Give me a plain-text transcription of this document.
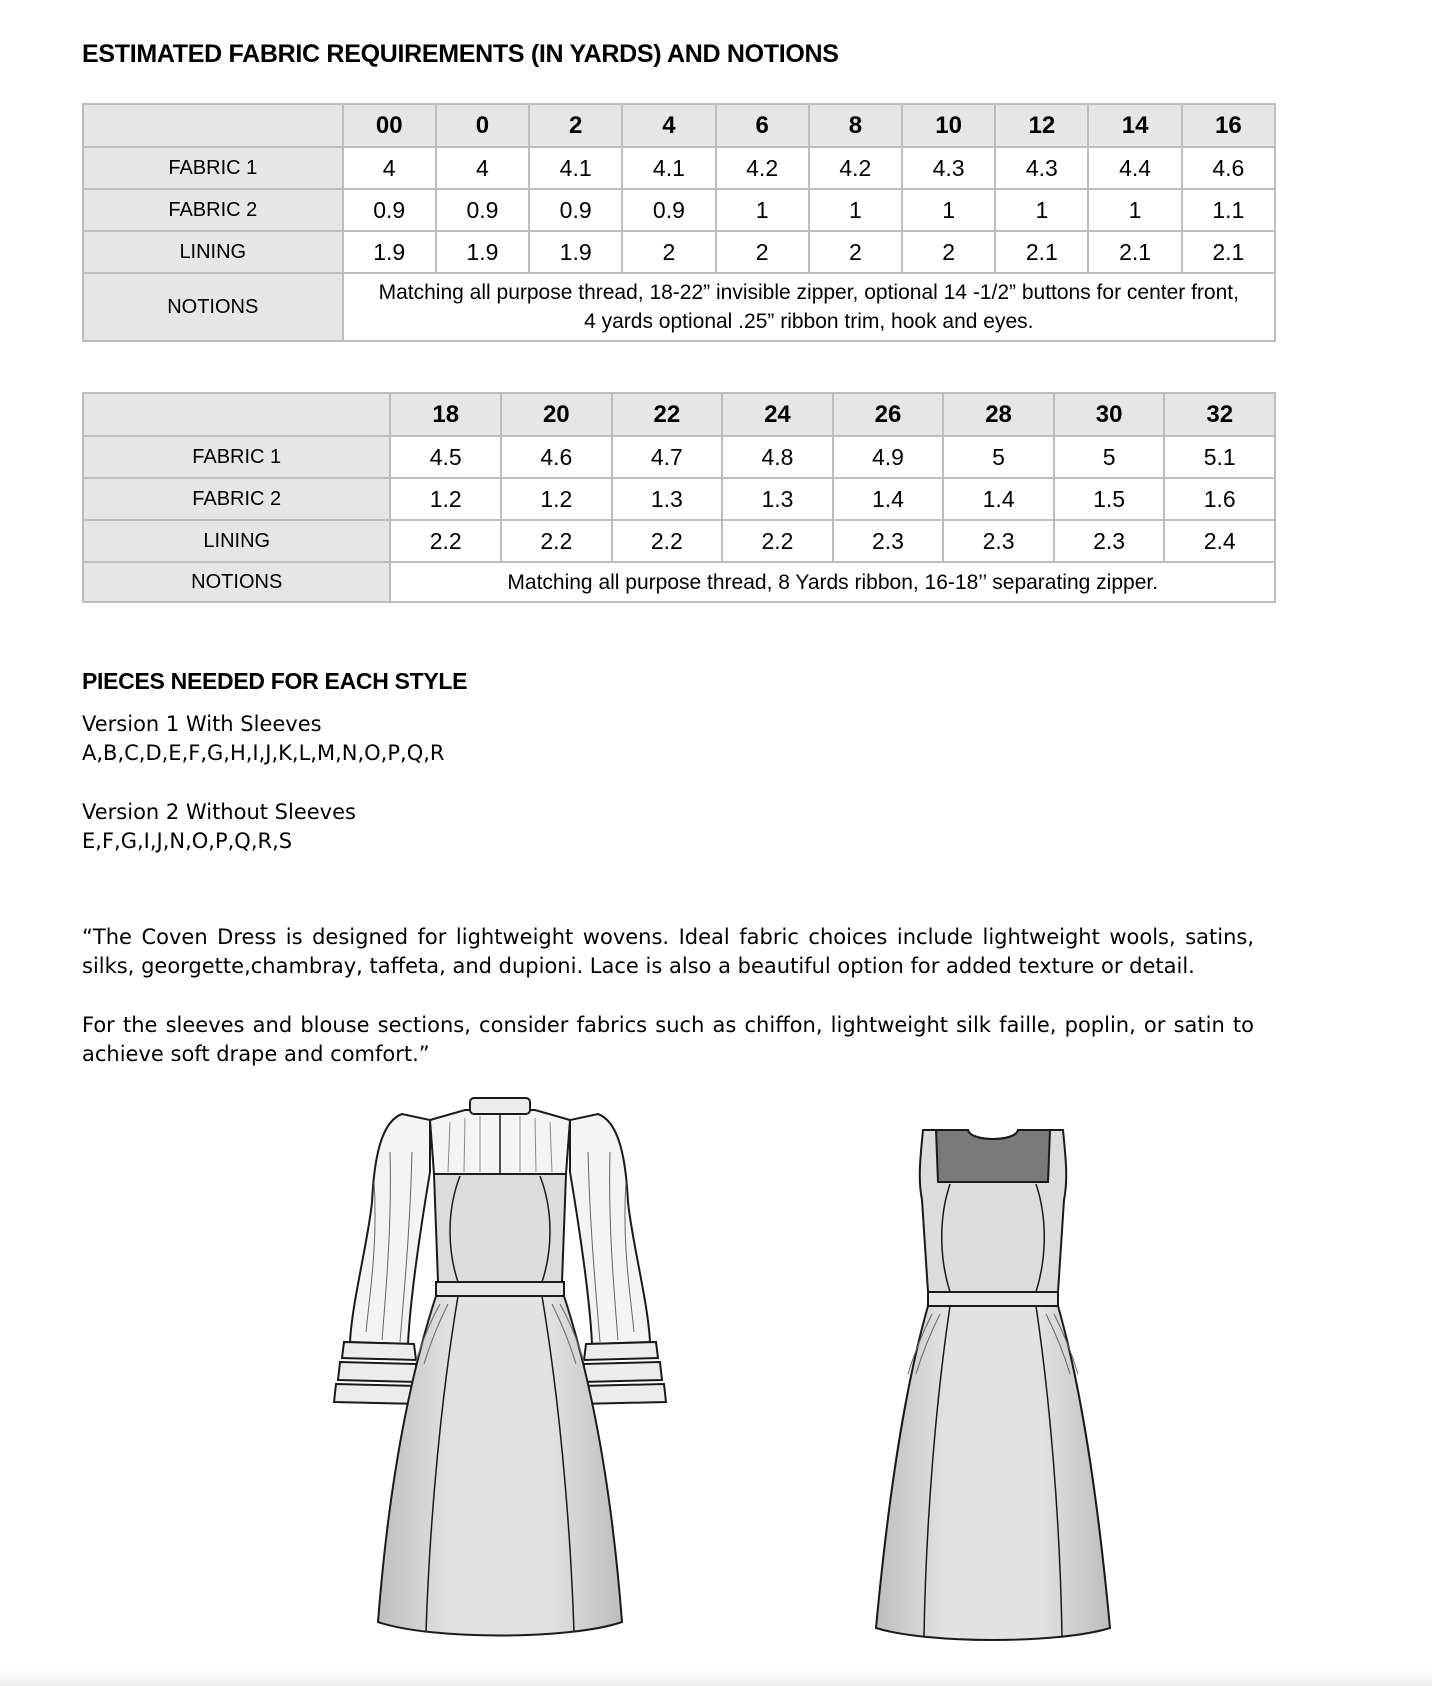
ESTIMATED FABRIC REQUIREMENTS (IN YARDS) AND NOTIONS
	00	0	2	4	6	8	10	12	14	16
FABRIC 1	4	4	4.1	4.1	4.2	4.2	4.3	4.3	4.4	4.6
FABRIC 2	0.9	0.9	0.9	0.9	1	1	1	1	1	1.1
LINING	1.9	1.9	1.9	2	2	2	2	2.1	2.1	2.1
NOTIONS	Matching all purpose thread, 18-22” invisible zipper, optional 14 -1/2” buttons for center front,
4 yards optional .25” ribbon trim, hook and eyes.									
	18	20	22	24	26	28	30	32
FABRIC 1	4.5	4.6	4.7	4.8	4.9	5	5	5.1
FABRIC 2	1.2	1.2	1.3	1.3	1.4	1.4	1.5	1.6
LINING	2.2	2.2	2.2	2.2	2.3	2.3	2.3	2.4
NOTIONS	Matching all purpose thread, 8 Yards ribbon, 16-18’’ separating zipper.							
PIECES NEEDED FOR EACH STYLE
Version 1 With Sleeves
A,B,C,D,E,F,G,H,I,J,K,L,M,N,O,P,Q,R
Version 2 Without Sleeves
E,F,G,I,J,N,O,P,Q,R,S

“The Coven Dress is designed for lightweight wovens. Ideal fabric choices include lightweight wools, satins, silks, georgette,chambray, taffeta, and dupioni. Lace is also a beautiful option for added texture or detail.

For the sleeves and blouse sections, consider fabrics such as chiffon, lightweight silk faille, poplin, or satin to achieve soft drape and comfort.”
